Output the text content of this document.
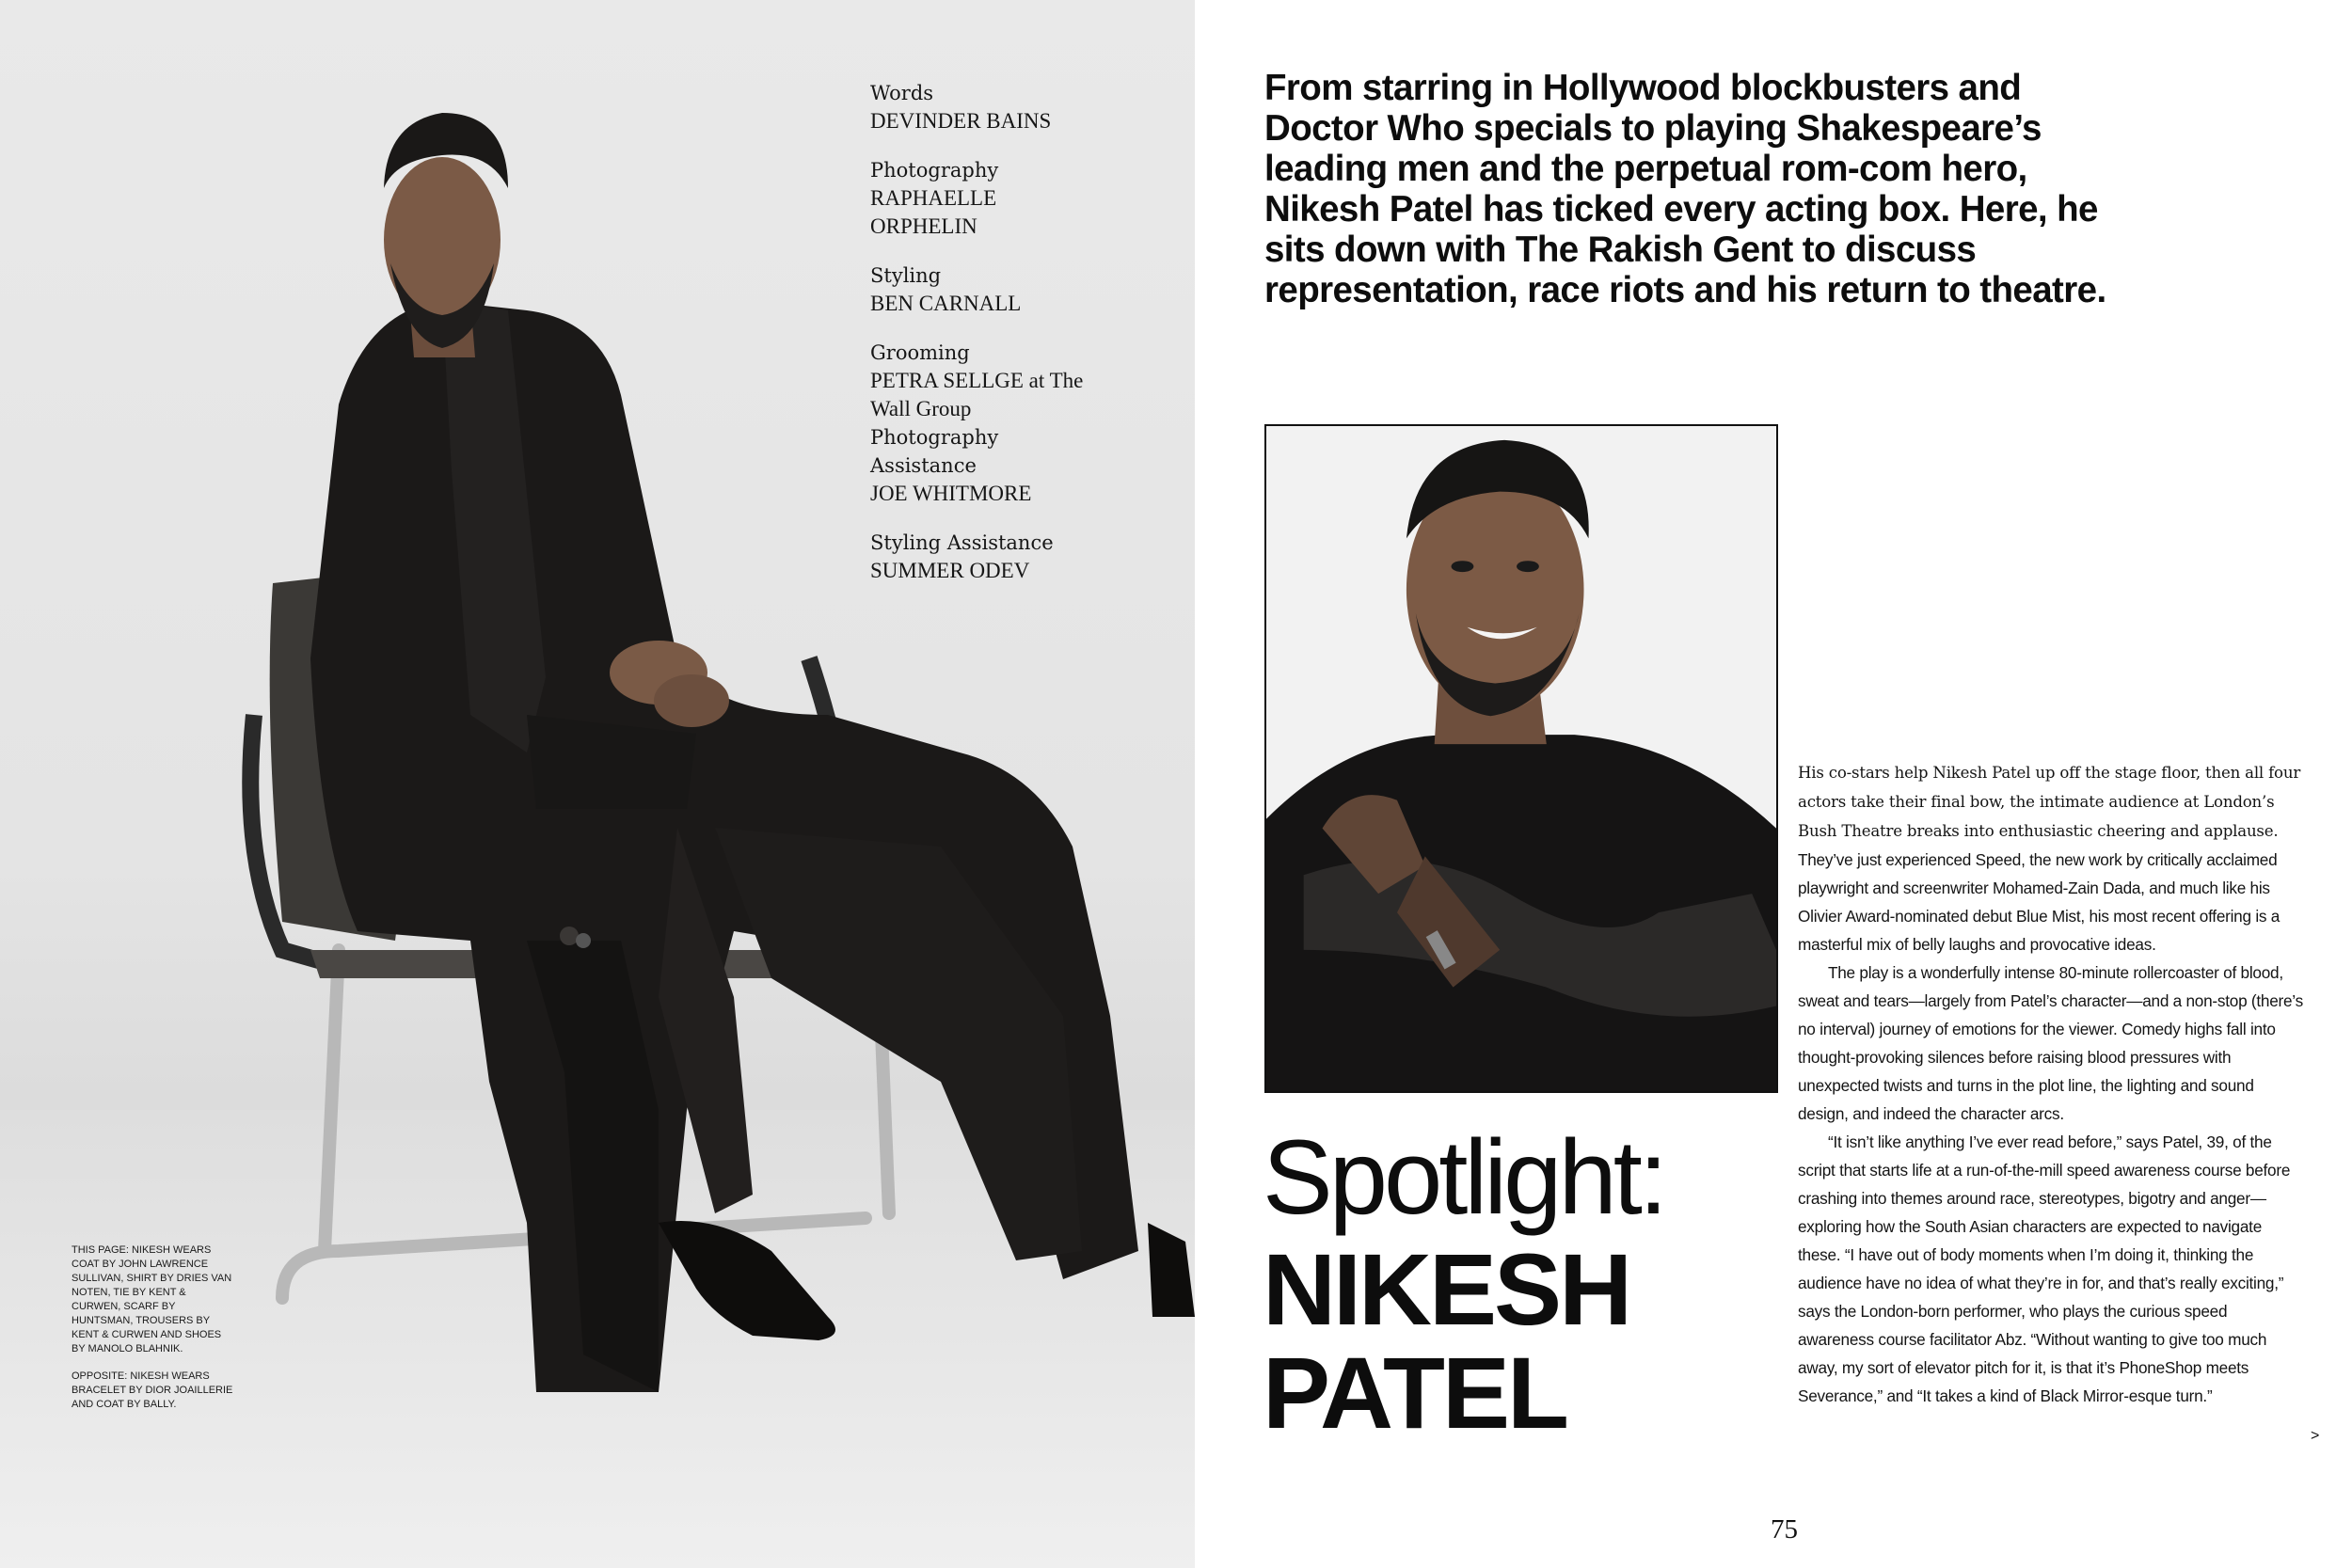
Words
DEVINDER BAINS
Photography
RAPHAELLE ORPHELIN
Styling
BEN CARNALL
Grooming
PETRA SELLGE at The Wall Group
Photography Assistance
JOE WHITMORE
Styling Assistance
SUMMER ODEV

THIS PAGE: NIKESH WEARS COAT BY JOHN LAWRENCE SULLIVAN, SHIRT BY DRIES VAN NOTEN, TIE BY KENT & CURWEN, SCARF BY HUNTSMAN, TROUSERS BY KENT & CURWEN AND SHOES BY MANOLO BLAHNIK.

OPPOSITE: NIKESH WEARS BRACELET BY DIOR JOAILLERIE AND COAT BY BALLY.

From starring in Hollywood blockbusters and Doctor Who specials to playing Shakespeare’s leading men and the perpetual rom-com hero, Nikesh Patel has ticked every acting box. Here, he sits down with The Rakish Gent to discuss representation, race riots and his return to theatre.

Spotlight:
NIKESH
PATEL

His co-stars help Nikesh Patel up off the stage floor, then all four actors take their final bow, the intimate audience at London’s Bush Theatre breaks into enthusiastic cheering and applause. They’ve just experienced Speed, the new work by critically acclaimed playwright and screenwriter Mohamed-Zain Dada, and much like his Olivier Award-nominated debut Blue Mist, his most recent offering is a masterful mix of belly laughs and provocative ideas.

The play is a wonderfully intense 80-minute rollercoaster of blood, sweat and tears—largely from Patel’s character—and a non-stop (there’s no interval) journey of emotions for the viewer. Comedy highs fall into thought-provoking silences before raising blood pressures with unexpected twists and turns in the plot line, the lighting and sound design, and indeed the character arcs.

“It isn’t like anything I’ve ever read before,” says Patel, 39, of the script that starts life at a run-of-the-mill speed awareness course before crashing into themes around race, stereotypes, bigotry and anger—exploring how the South Asian characters are expected to navigate these. “I have out of body moments when I’m doing it, thinking the audience have no idea of what they’re in for, and that’s really exciting,” says the London-born performer, who plays the curious speed awareness course facilitator Abz. “Without wanting to give too much away, my sort of elevator pitch for it, is that it’s PhoneShop meets Severance,” and “It takes a kind of Black Mirror-esque turn.”

>
75
